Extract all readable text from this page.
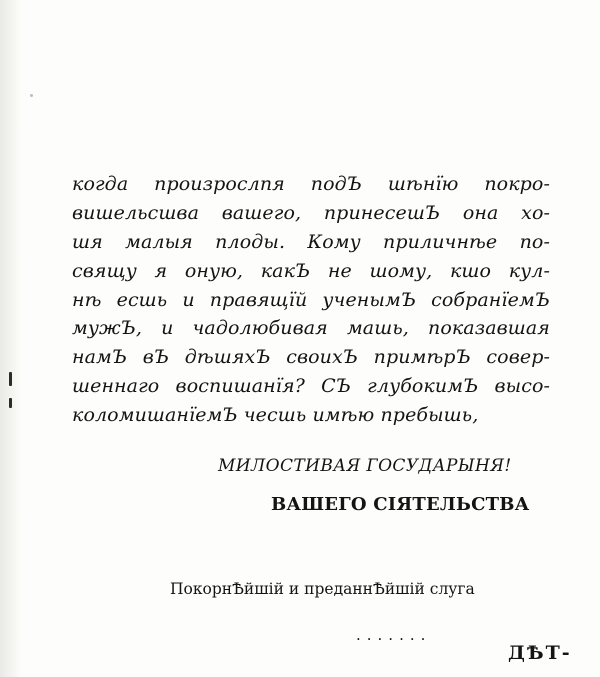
когда произрослпя подЪ шѣнїю покро-
вишельсшва вашего, принесешЪ она хо-
шя малыя плоды. Кому приличнѣе по-
свящу я оную, какЪ не шому, кшо кул-
нѣ есшь и правящїй ученымЪ собранїемЪ
мужЪ, и чадолюбивая машь, показавшая
намЪ вЪ дѣшяхЪ своихЪ примѣрЪ совер-
шеннаго воспишанїя? СЪ глубокимЪ высо-
коломишанїемЪ чесшь имѣю пребышь,
МИЛОСТИВАЯ ГОСУДАРЫНЯ!
ВАШЕГО СІЯТЕЛЬСТВА
ПокорнѢйшій и преданнѢйшій слуга
.......
ДѢТ-
